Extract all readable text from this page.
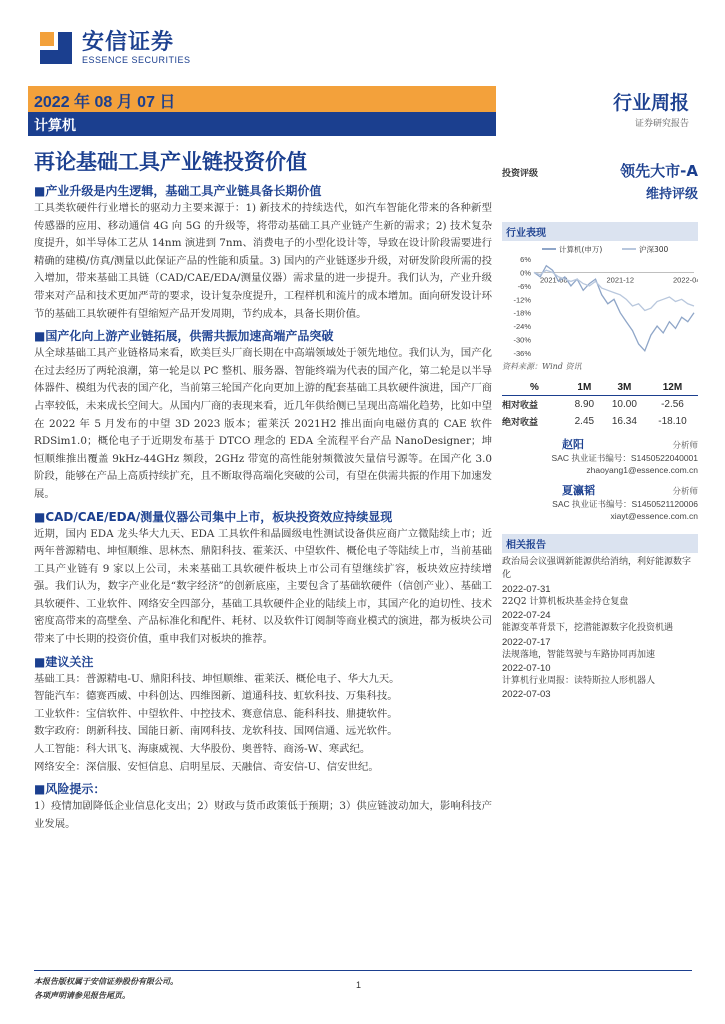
安信证券
ESSENCE SECURITIES
2022 年 08 月 07 日
计算机
行业周报
证券研究报告
再论基础工具产业链投资价值
■产业升级是内生逻辑，基础工具产业链具备长期价值
工具类软硬件行业增长的驱动力主要来源于：1) 新技术的持续迭代，如汽车智能化带来的各种新型传感器的应用、移动通信 4G 向 5G 的升级等，将带动基础工具产业链产生新的需求；2) 技术复杂度提升，如半导体工艺从 14nm 演进到 7nm、消费电子的小型化设计等，导致在设计阶段需要进行精确的建模/仿真/测量以此保证产品的性能和质量。3) 国内的产业链逐步升级，对研发阶段所需的投入增加，带来基础工具链（CAD/CAE/EDA/测量仪器）需求量的进一步提升。我们认为，产业升级带来对产品和技术更加严苛的要求，设计复杂度提升，工程样机和流片的成本增加。面向研发设计环节的基础工具软硬件有望缩短产品开发周期，节约成本，具备长期价值。
■国产化向上游产业链拓展，供需共振加速高端产品突破
从全球基础工具产业链格局来看，欧美巨头厂商长期在中高端领域处于领先地位。我们认为，国产化在过去经历了两轮浪潮，第一轮是以 PC 整机、服务器、智能终端为代表的国产化，第二轮是以半导体器件、模组为代表的国产化，当前第三轮国产化向更加上游的配套基础工具软硬件演进，国产厂商占率较低，未来成长空间大。从国内厂商的表现来看，近几年供给侧已呈现出高端化趋势，比如中望在 2022 年 5 月发布的中望 3D 2023 版本；霍莱沃 2021H2 推出面向电磁仿真的 CAE 软件 RDSim1.0；概伦电子于近期发布基于 DTCO 理念的 EDA 全流程平台产品 NanoDesigner；坤恒顺维推出覆盖 9kHz-44GHz 频段，2GHz 带宽的高性能射频微波矢量信号源等。在国产化 3.0 阶段，能够在产品上高质持续扩充，且不断取得高端化突破的公司，有望在供需共振的作用下加速发展。
■CAD/CAE/EDA/测量仪器公司集中上市，板块投资效应持续显现
近期，国内 EDA 龙头华大九天、EDA 工具软件和晶圆级电性测试设备供应商广立微陆续上市；近两年普源精电、坤恒顺维、思林杰、鼎阳科技、霍莱沃、中望软件、概伦电子等陆续上市，当前基础工具产业链有 9 家以上公司，未来基础工具软硬件板块上市公司有望继续扩容，板块效应持续增强。我们认为，数字产业化是“数字经济”的创新底座，主要包含了基础软硬件（信创产业）、基础工具软硬件、工业软件、网络安全四部分，基础工具软硬件企业的陆续上市，其国产化的迫切性、技术密度高带来的高壁垒、产品标准化和配件、耗材、以及软件订阅制等商业模式的演进，都为板块公司带来了中长期的投资价值，重申我们对板块的推荐。
■建议关注
基础工具：普源精电-U、鼎阳科技、坤恒顺维、霍莱沃、概伦电子、华大九天。
智能汽车：德赛西威、中科创达、四维图新、道通科技、虹软科技、万集科技。
工业软件：宝信软件、中望软件、中控技术、赛意信息、能科科技、鼎捷软件。
数字政府：朗新科技、国能日新、南网科技、龙软科技、国网信通、远光软件。
人工智能：科大讯飞、海康威视、大华股份、奥普特、商汤-W、寒武纪。
网络安全：深信服、安恒信息、启明星辰、天融信、奇安信-U、信安世纪。
■风险提示：
1）疫情加剧降低企业信息化支出；2）财政与货币政策低于预期；3）供应链波动加大，影响科技产业发展。
投资评级	领先大市-A
维持评级
行业表现
6%
0%
-6%
-12%
-18%
-24%
-30%
-36%
2021-08	2021-12	2022-04
计算机(申万)	沪深300
资料来源：Wind 资讯
%	1M	3M	12M
相对收益	8.90	10.00	-2.56
绝对收益	2.45	16.34	-18.10
赵阳	分析师
SAC 执业证书编号：S1450522040001
zhaoyang1@essence.com.cn
夏瀛韬	分析师
SAC 执业证书编号：S1450521120006
xiayt@essence.com.cn
相关报告
政治局会议强调新能源供给消纳，利好能源数字化
2022-07-31
22Q2 计算机板块基金持仓复盘
2022-07-24
能源变革背景下，挖潜能源数字化投资机遇
2022-07-17
法规落地，智能驾驶与车路协同再加速
2022-07-10
计算机行业周报：读特斯拉人形机器人
2022-07-03
本报告版权属于安信证券股份有限公司。
各项声明请参见报告尾页。
1
